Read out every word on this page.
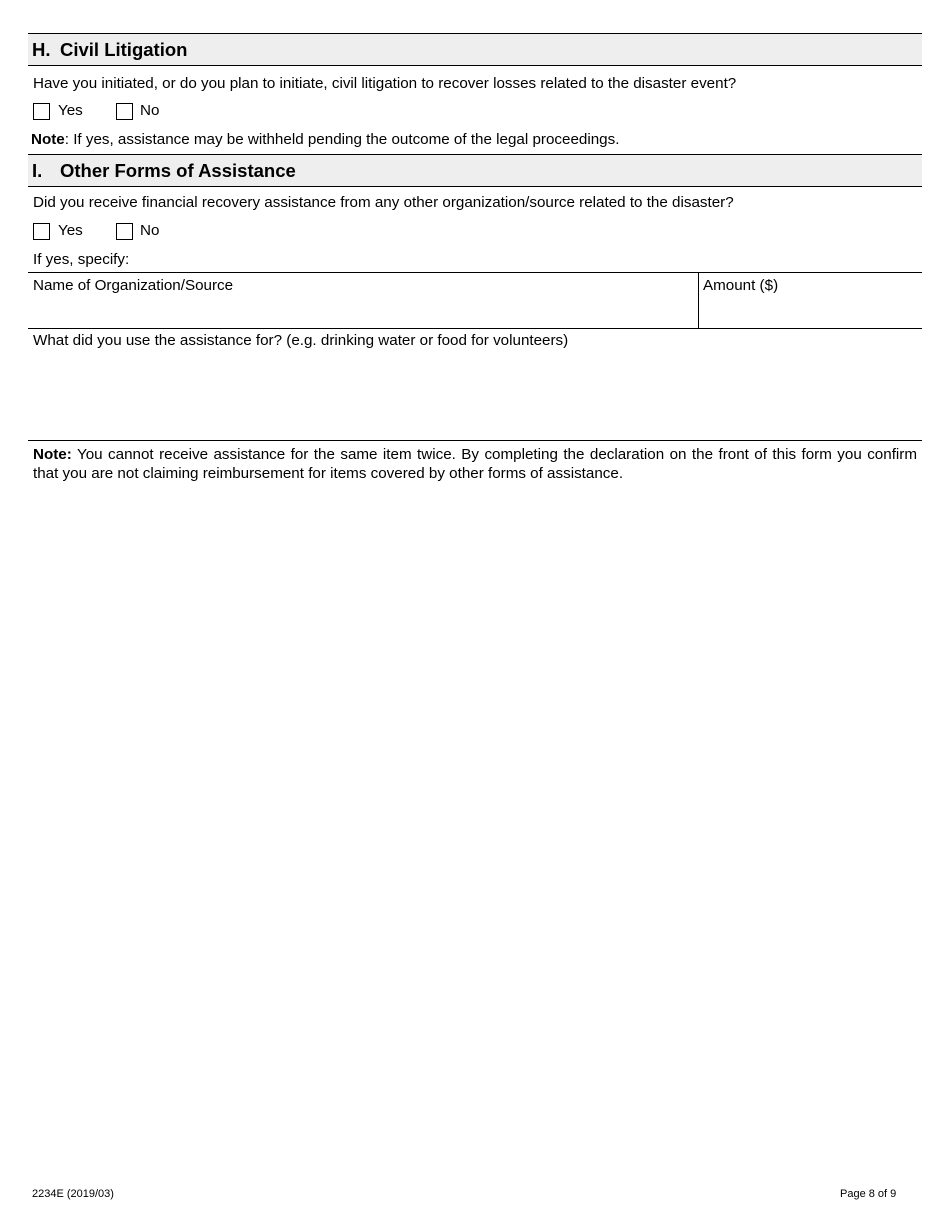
H. Civil Litigation
Have you initiated, or do you plan to initiate, civil litigation to recover losses related to the disaster event?
Yes	No
Note: If yes, assistance may be withheld pending the outcome of the legal proceedings.
I. Other Forms of Assistance
Did you receive financial recovery assistance from any other organization/source related to the disaster?
Yes	No
If yes, specify:
Name of Organization/Source	Amount ($)
What did you use the assistance for? (e.g. drinking water or food for volunteers)
Note: You cannot receive assistance for the same item twice. By completing the declaration on the front of this form you confirm that you are not claiming reimbursement for items covered by other forms of assistance.
2234E (2019/03)	Page 8 of 9
